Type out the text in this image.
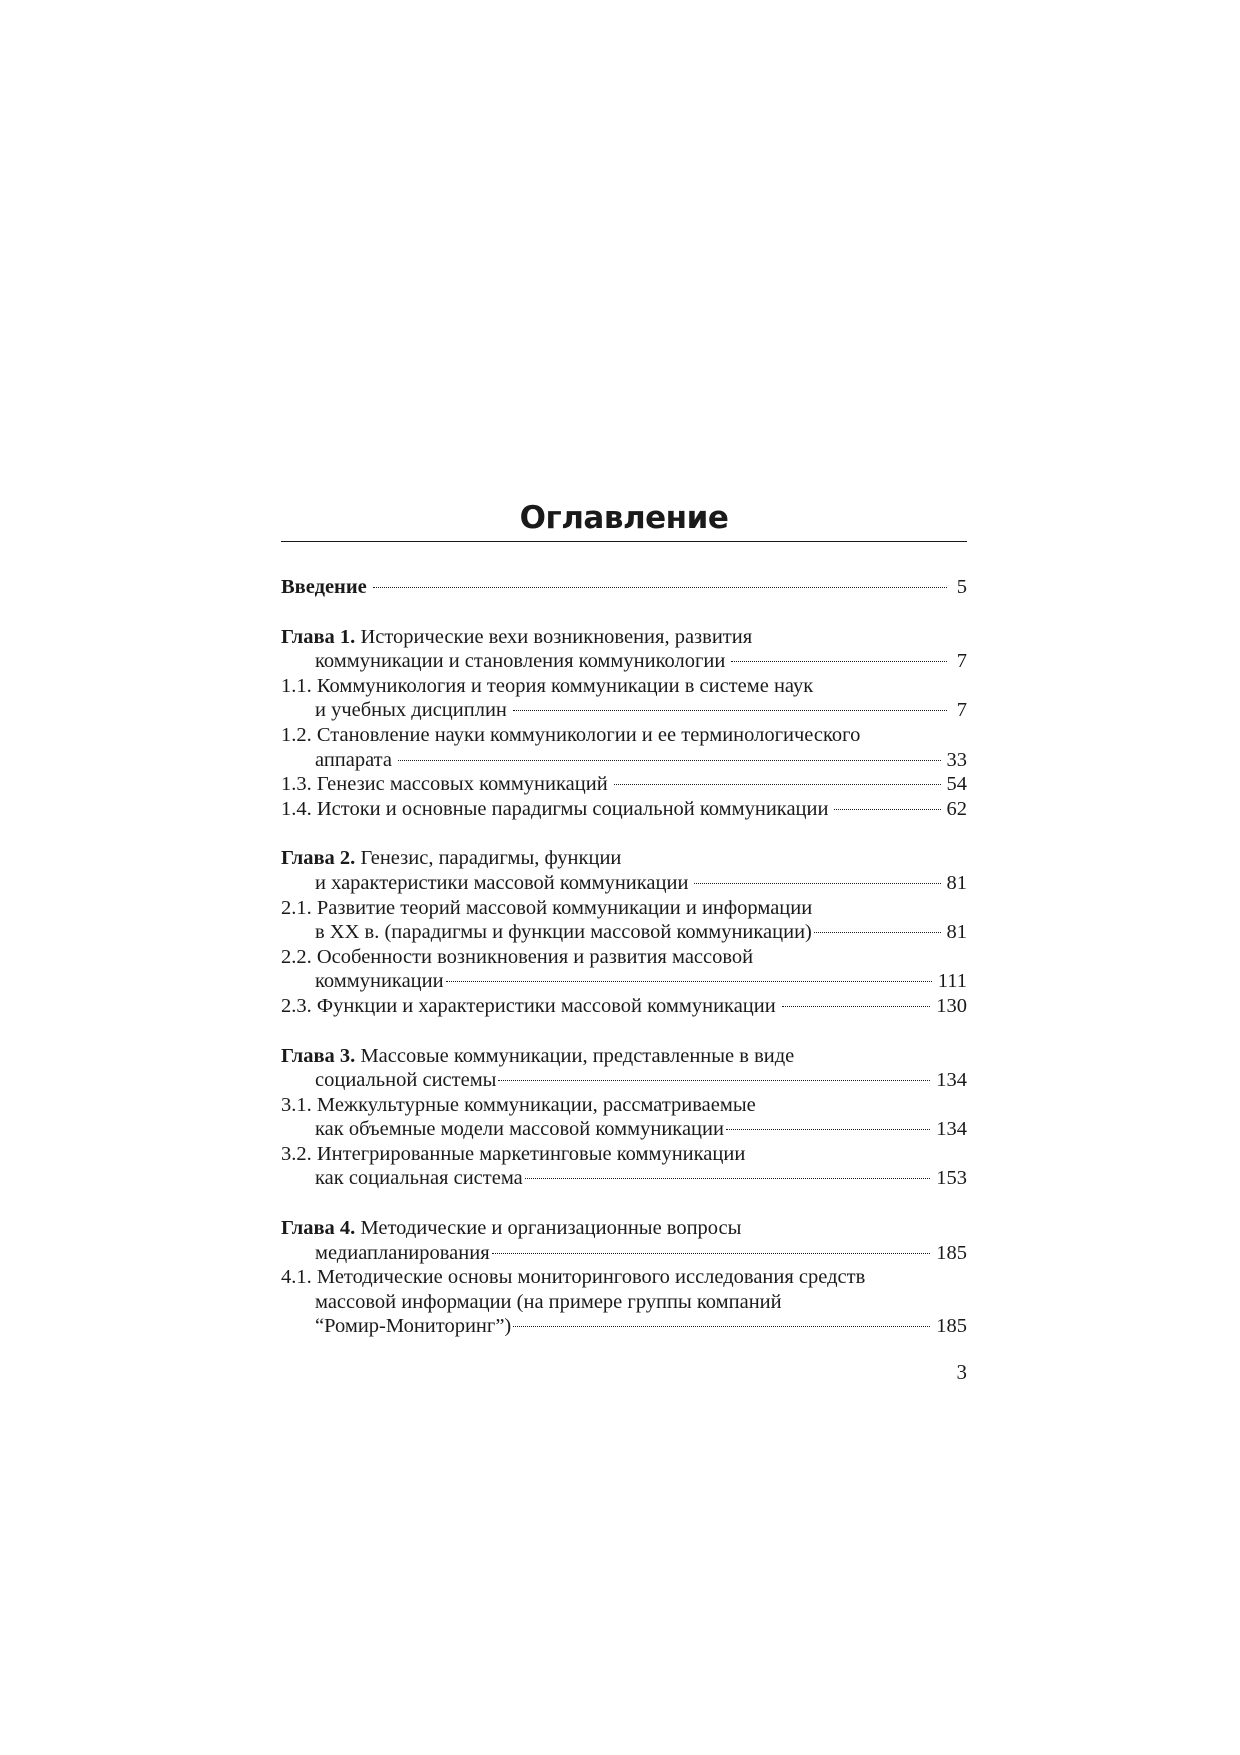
Оглавление
Введение	5
Глава 1. Исторические вехи возникновения, развития
коммуникации и становления коммуникологии	7
1.1. Коммуникология и теория коммуникации в системе наук
и учебных дисциплин	7
1.2. Становление науки коммуникологии и ее терминологического
аппарата	33
1.3. Генезис массовых коммуникаций	54
1.4. Истоки и основные парадигмы социальной коммуникации	62
Глава 2. Генезис, парадигмы, функции
и характеристики массовой коммуникации	81
2.1. Развитие теорий массовой коммуникации и информации
в XX в. (парадигмы и функции массовой коммуникации)	81
2.2. Особенности возникновения и развития массовой
коммуникации	111
2.3. Функции и характеристики массовой коммуникации	130
Глава 3. Массовые коммуникации, представленные в виде
социальной системы	134
3.1. Межкультурные коммуникации, рассматриваемые
как объемные модели массовой коммуникации	134
3.2. Интегрированные маркетинговые коммуникации
как социальная система	153
Глава 4. Методические и организационные вопросы
медиапланирования	185
4.1. Методические основы мониторингового исследования средств
массовой информации (на примере группы компаний
“Ромир-Мониторинг”)	185
3
